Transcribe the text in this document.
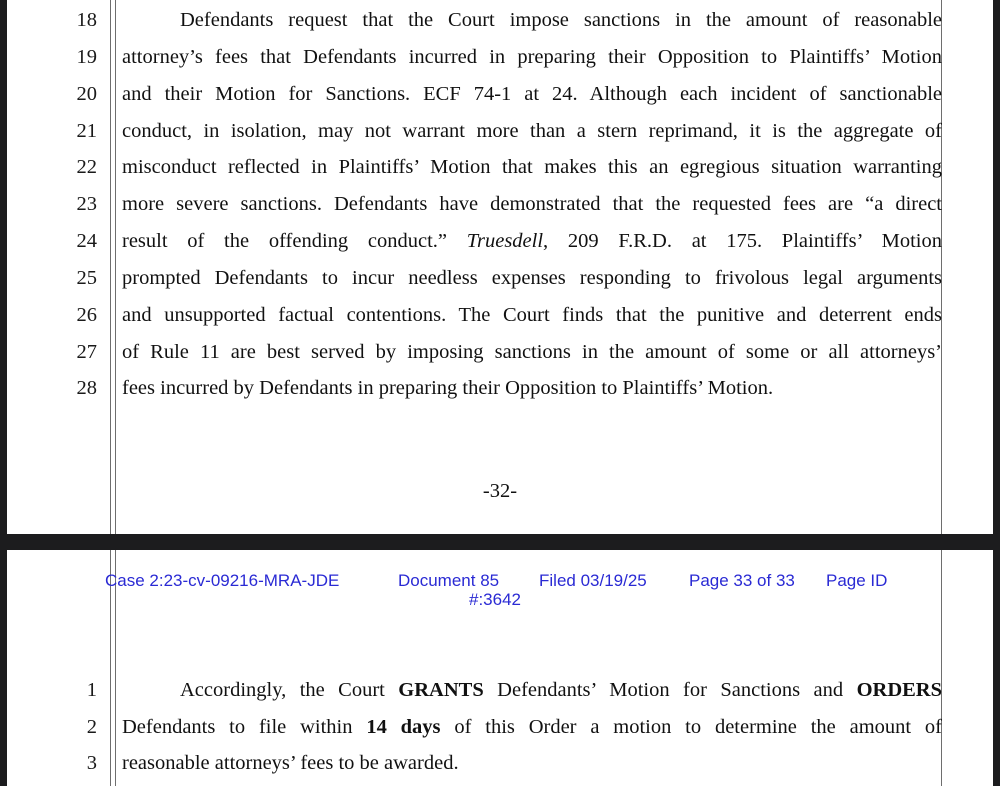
18	Defendants request that the Court impose sanctions in the amount of reasonable
19 attorney’s fees that Defendants incurred in preparing their Opposition to Plaintiffs’ Motion
20 and their Motion for Sanctions. ECF 74-1 at 24. Although each incident of sanctionable
21 conduct, in isolation, may not warrant more than a stern reprimand, it is the aggregate of
22 misconduct reflected in Plaintiffs’ Motion that makes this an egregious situation warranting
23 more severe sanctions. Defendants have demonstrated that the requested fees are “a direct
24 result of the offending conduct.” Truesdell, 209 F.R.D. at 175. Plaintiffs’ Motion
25 prompted Defendants to incur needless expenses responding to frivolous legal arguments
26 and unsupported factual contentions. The Court finds that the punitive and deterrent ends
27 of Rule 11 are best served by imposing sanctions in the amount of some or all attorneys’
28 fees incurred by Defendants in preparing their Opposition to Plaintiffs’ Motion.
-32-
Case 2:23-cv-09216-MRA-JDE	Document 85 Filed 03/19/25 Page 33 of 33 Page ID
#:3642
1	Accordingly, the Court GRANTS Defendants’ Motion for Sanctions and ORDERS
2 Defendants to file within 14 days of this Order a motion to determine the amount of
3 reasonable attorneys’ fees to be awarded.
